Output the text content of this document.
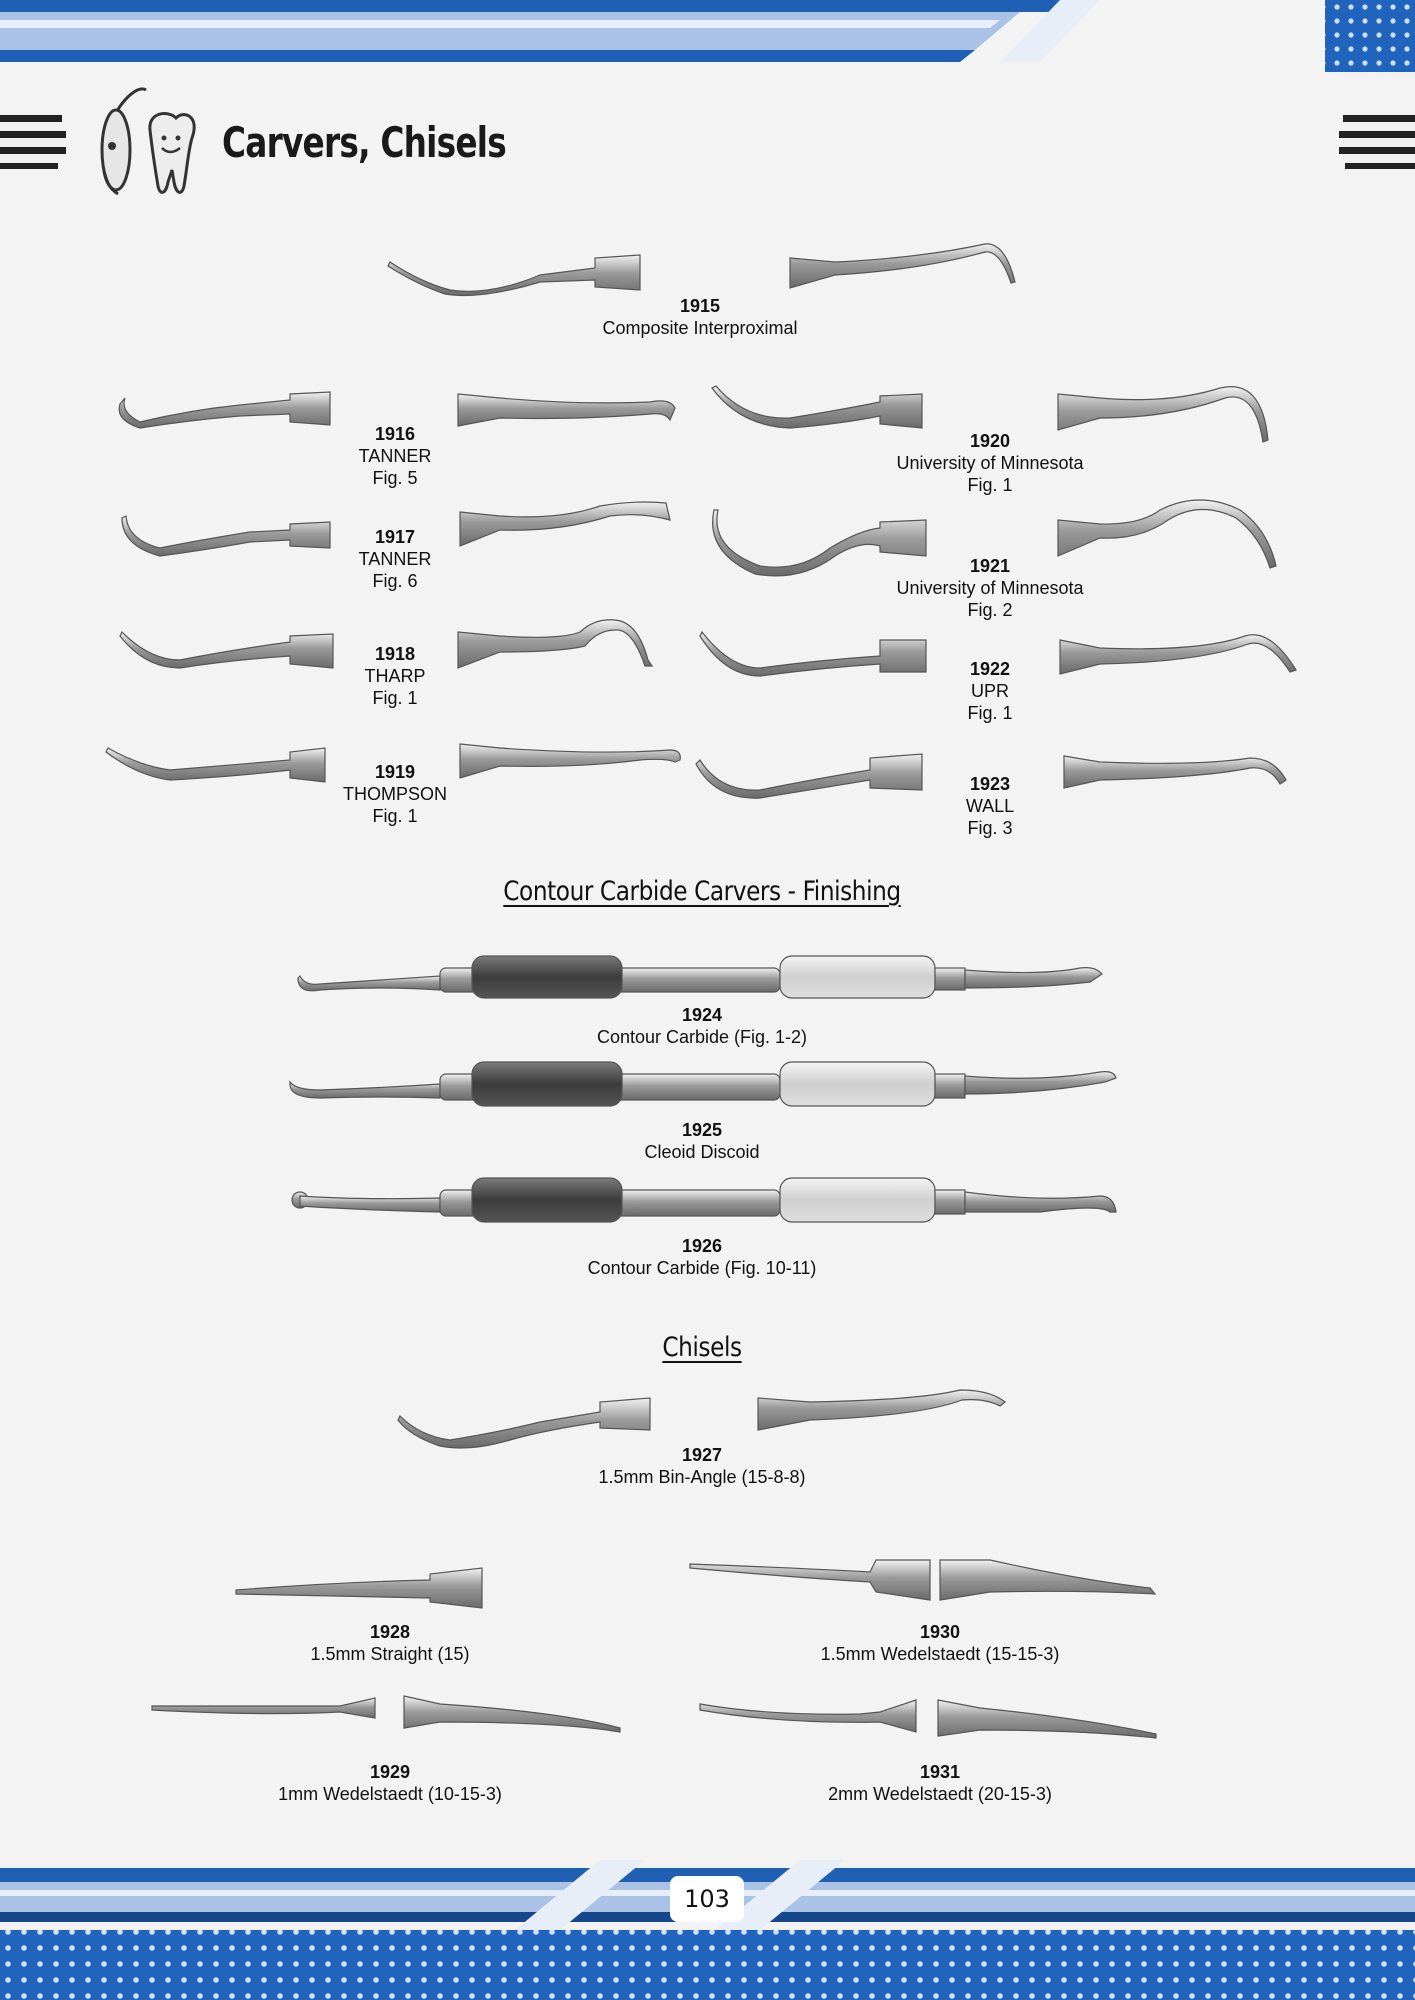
Carvers, Chisels
1915
Composite Interproximal
1916
TANNER
Fig. 5
1917
TANNER
Fig. 6
1918
THARP
Fig. 1
1919
THOMPSON
Fig. 1
1920
University of Minnesota
Fig. 1
1921
University of Minnesota
Fig. 2
1922
UPR
Fig. 1
1923
WALL
Fig. 3
Contour Carbide Carvers - Finishing
1924
Contour Carbide (Fig. 1-2)
1925
Cleoid Discoid
1926
Contour Carbide (Fig. 10-11)
Chisels
1927
1.5mm Bin-Angle (15-8-8)
1928
1.5mm Straight (15)
1930
1.5mm Wedelstaedt (15-15-3)
1929
1mm Wedelstaedt (10-15-3)
1931
2mm Wedelstaedt (20-15-3)
103
